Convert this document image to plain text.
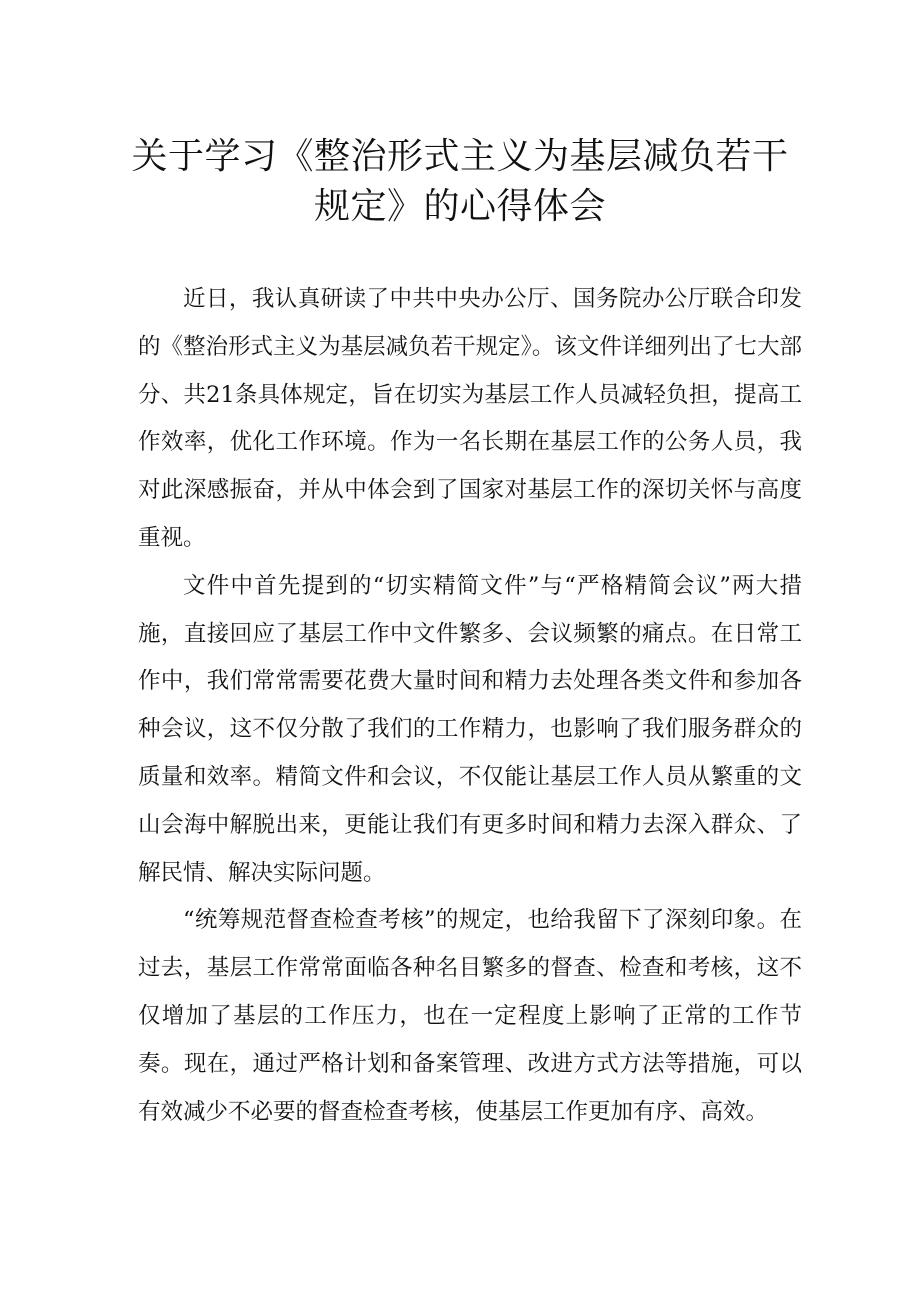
关于学习《整治形式主义为基层减负若干
规定》的心得体会

近日，我认真研读了中共中央办公厅、国务院办公厅联合印发的《整治形式主义为基层减负若干规定》。该文件详细列出了七大部分、共21条具体规定，旨在切实为基层工作人员减轻负担，提高工作效率，优化工作环境。作为一名长期在基层工作的公务人员，我对此深感振奋，并从中体会到了国家对基层工作的深切关怀与高度重视。

文件中首先提到的“切实精简文件”与“严格精简会议”两大措施，直接回应了基层工作中文件繁多、会议频繁的痛点。在日常工作中，我们常常需要花费大量时间和精力去处理各类文件和参加各种会议，这不仅分散了我们的工作精力，也影响了我们服务群众的质量和效率。精简文件和会议，不仅能让基层工作人员从繁重的文山会海中解脱出来，更能让我们有更多时间和精力去深入群众、了解民情、解决实际问题。

“统筹规范督查检查考核”的规定，也给我留下了深刻印象。在过去，基层工作常常面临各种名目繁多的督查、检查和考核，这不仅增加了基层的工作压力，也在一定程度上影响了正常的工作节奏。现在，通过严格计划和备案管理、改进方式方法等措施，可以有效减少不必要的督查检查考核，使基层工作更加有序、高效。
